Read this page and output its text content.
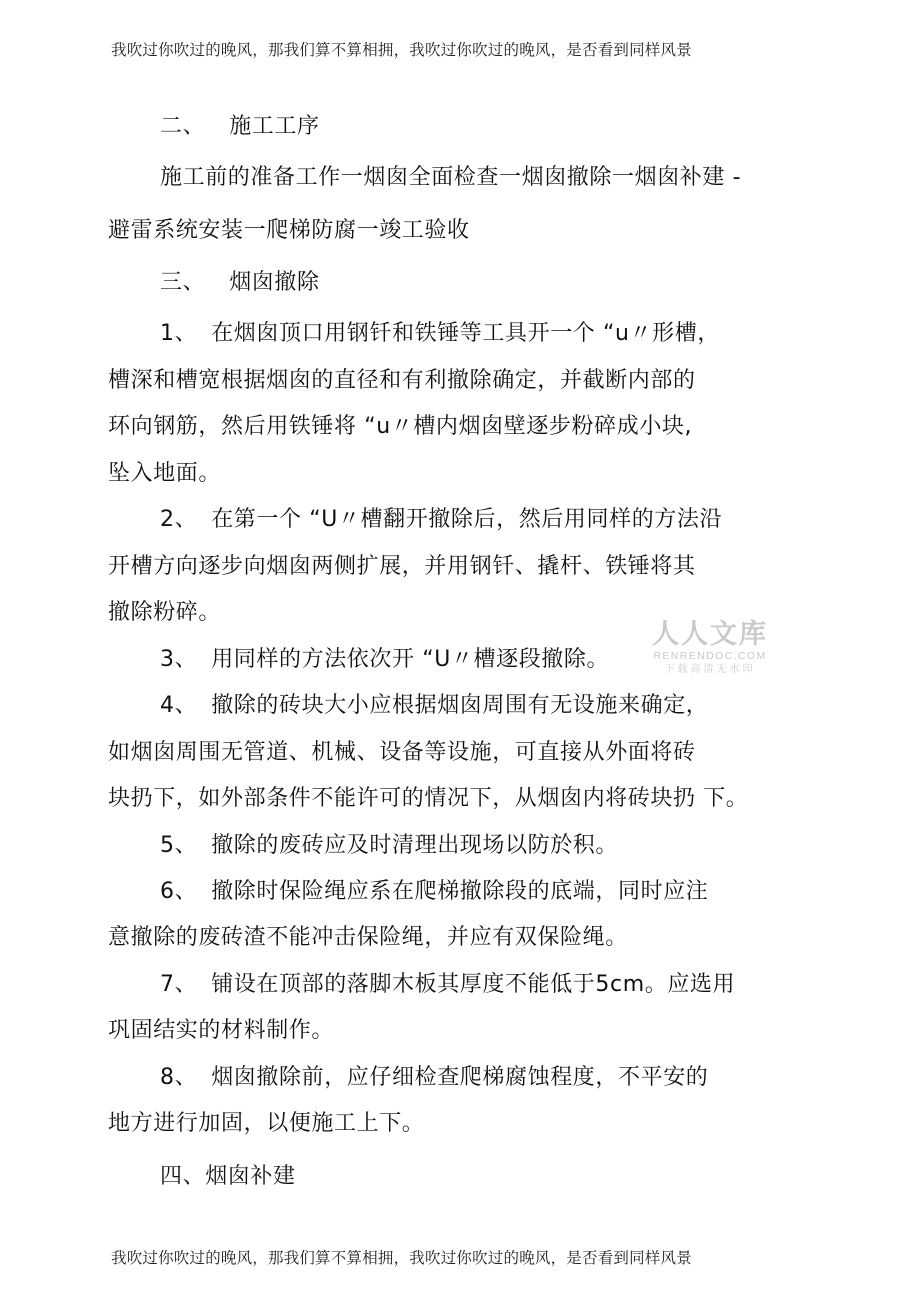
我吹过你吹过的晚风，那我们算不算相拥，我吹过你吹过的晚风，是否看到同样风景
二、 施工工序
施工前的准备工作一烟囱全面检查一烟囱撤除一烟囱补建 -
避雷系统安装一爬梯防腐一竣工验收
三、 烟囱撤除
1、 在烟囱顶口用钢钎和铁锤等工具开一个 “u〃形槽，
槽深和槽宽根据烟囱的直径和有利撤除确定，并截断内部的
环向钢筋，然后用铁锤将 “u〃槽内烟囱壁逐步粉碎成小块,
坠入地面。
2、 在第一个 “U〃槽翻开撤除后，然后用同样的方法沿
开槽方向逐步向烟囱两侧扩展，并用钢钎、撬杆、铁锤将其
撤除粉碎。
3、 用同样的方法依次开 “U〃槽逐段撤除。
4、 撤除的砖块大小应根据烟囱周围有无设施来确定，
如烟囱周围无管道、机械、设备等设施，可直接从外面将砖
块扔下，如外部条件不能许可的情况下，从烟囱内将砖块扔 下。
5、 撤除的废砖应及时清理出现场以防於积。
6、 撤除时保险绳应系在爬梯撤除段的底端，同时应注
意撤除的废砖渣不能冲击保险绳，并应有双保险绳。
7、 铺设在顶部的落脚木板其厚度不能低于5cm。应选用
巩固结实的材料制作。
8、 烟囱撤除前，应仔细检查爬梯腐蚀程度，不平安的
地方进行加固，以便施工上下。
四、烟囱补建
人人文库
RENRENDOC.COM
下载高清无水印
我吹过你吹过的晚风，那我们算不算相拥，我吹过你吹过的晚风，是否看到同样风景
